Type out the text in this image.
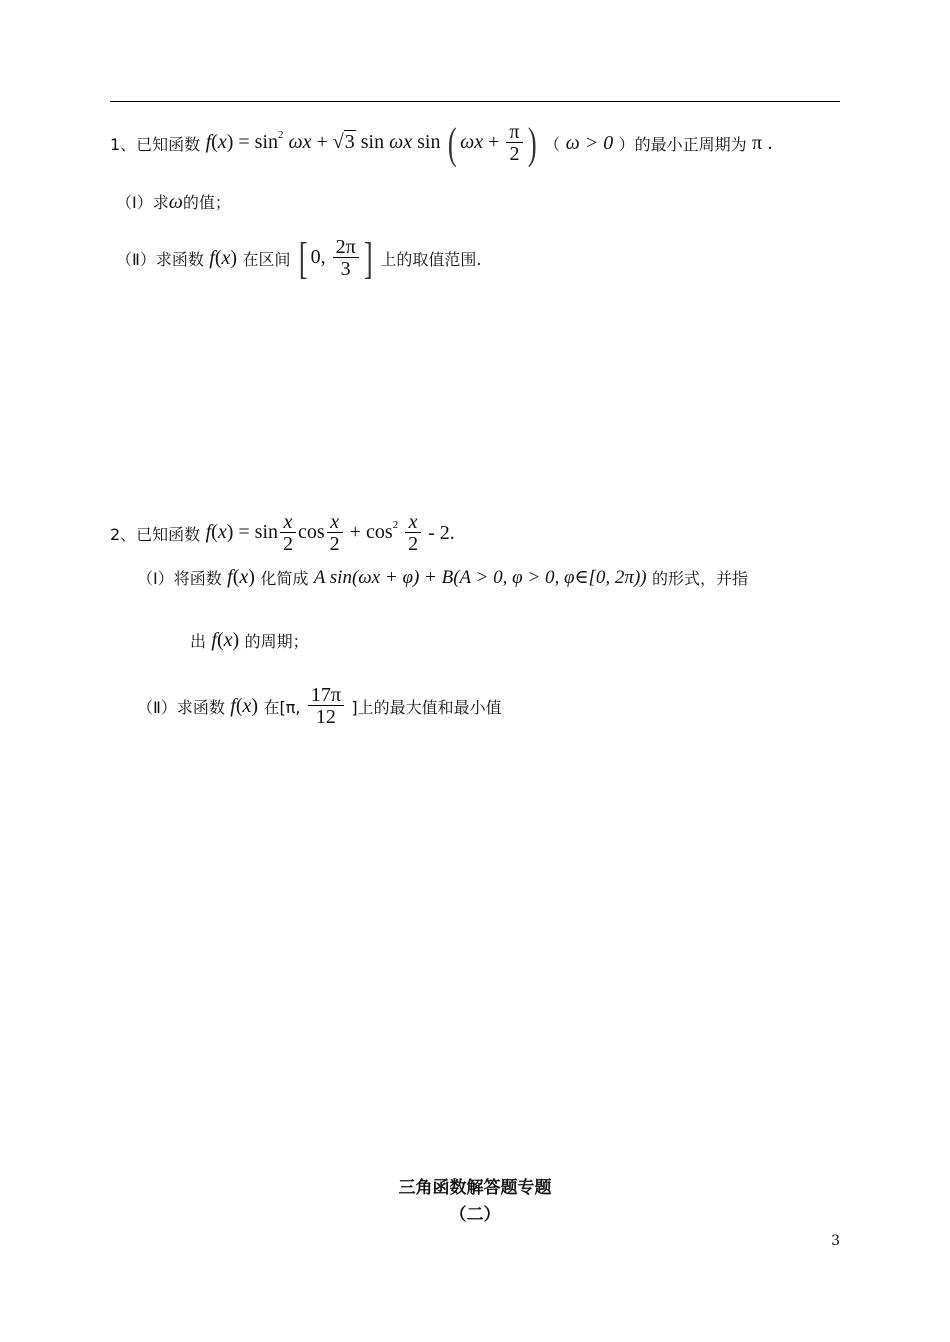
1、已知函数 $f(x) = \sin^2 \omega x + √3$ sin ωx sin ( $\omega x + \frac{\pi}{2}$ ) （ ω > 0 ）的最小正周期为 π .
（Ⅰ）求ω的值；
（Ⅱ）求函数 f(x) 在区间 [ 0, $\frac{2\pi}{3}$ ] 上的取值范围.
2、已知函数 $f(x) = \sin \frac{x}{2}$ $\cos \frac{x}{2} + \cos^2 \frac{x}{2} - 2$.
（Ⅰ）将函数 f(x) 化简成 A sin(ωx + φ) + B(A > 0, φ > 0, φ∈[0, 2π)) 的形式，并指
出 f(x) 的周期；
（Ⅱ）求函数 f(x) 在[π, $\frac{17\pi}{12}$ ]上的最大值和最小值
三角函数解答题专题
（二）
3
